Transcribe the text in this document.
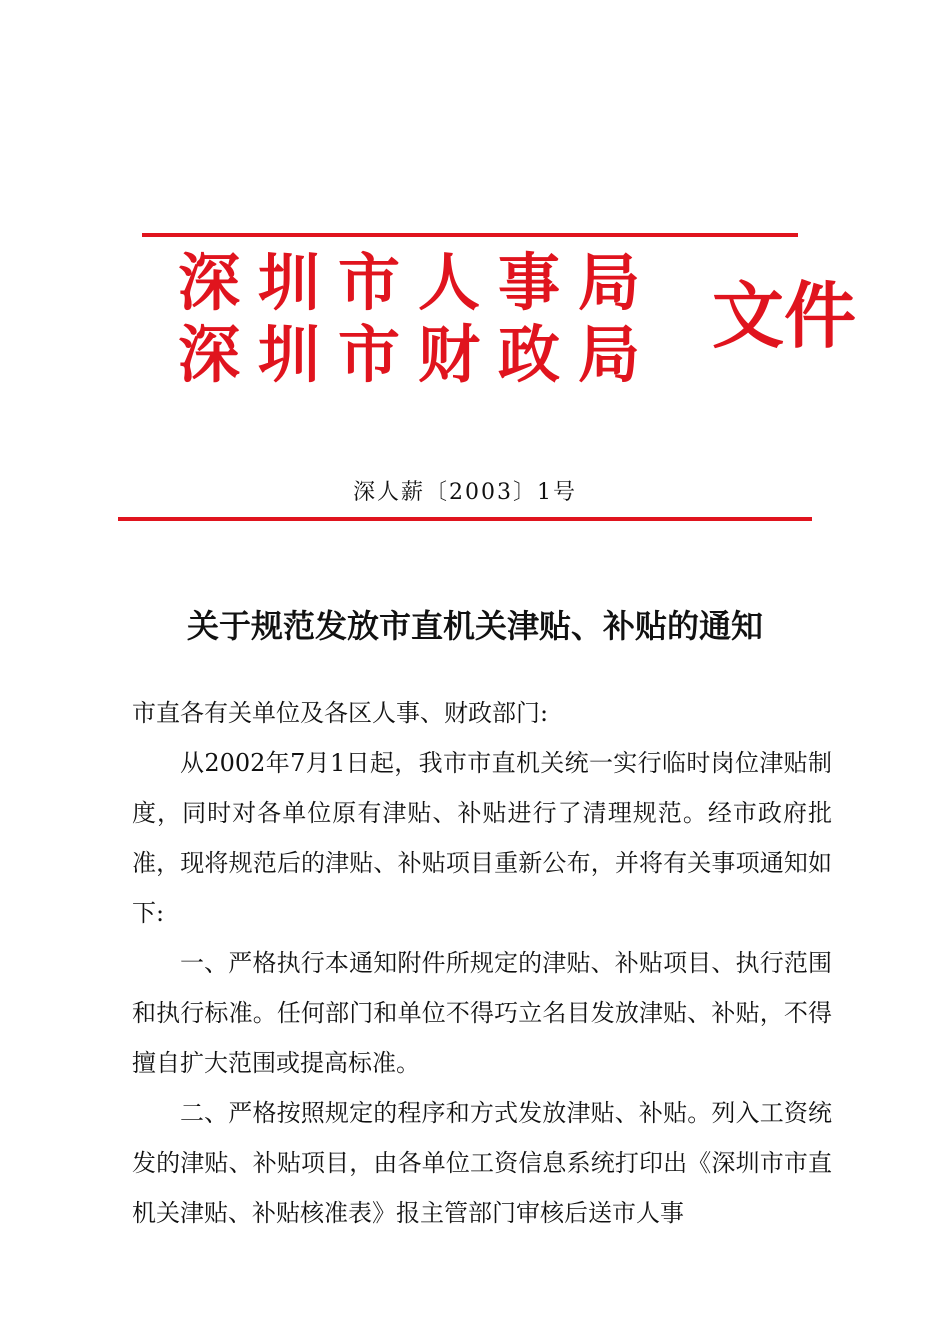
深圳市人事局
深圳市财政局 文件
深人薪〔2003〕1号
关于规范发放市直机关津贴、补贴的通知

市直各有关单位及各区人事、财政部门:

从2002年7月1日起，我市市直机关统一实行临时岗位津贴制度，同时对各单位原有津贴、补贴进行了清理规范。经市政府批准，现将规范后的津贴、补贴项目重新公布，并将有关事项通知如下:

一、严格执行本通知附件所规定的津贴、补贴项目、执行范围和执行标准。任何部门和单位不得巧立名目发放津贴、补贴，不得擅自扩大范围或提高标准。

二、严格按照规定的程序和方式发放津贴、补贴。列入工资统发的津贴、补贴项目，由各单位工资信息系统打印出《深圳市市直机关津贴、补贴核准表》报主管部门审核后送市人事
